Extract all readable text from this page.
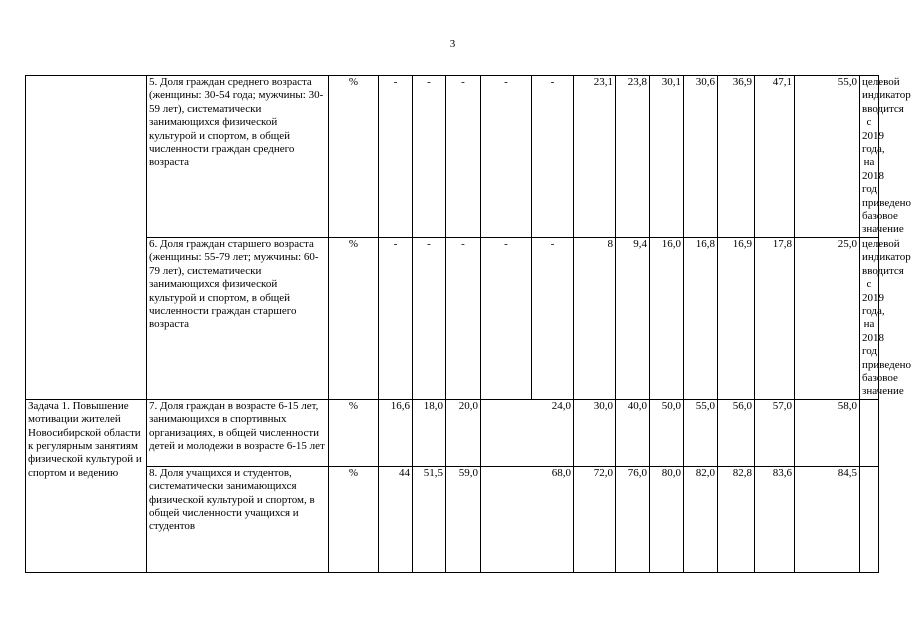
3
	5. Доля граждан среднего возраста (женщины: 30-54 года; мужчины: 30-59 лет), систематически занимающихся физической культурой и спортом, в общей численности граждан среднего возраста	%	-	-	-	-	-	23,1	23,8	30,1	30,6	36,9	47,1	55,0	целевой индикатор вводится с 2019 года, на 2018 год приведено базовое значение
	6. Доля граждан старшего возраста (женщины: 55-79 лет; мужчины: 60-79 лет), систематически занимающихся физической культурой и спортом, в общей численности граждан старшего возраста	%	-	-	-	-	-	8	9,4	16,0	16,8	16,9	17,8	25,0	целевой индикатор вводится с 2019 года, на 2018 год приведено базовое значение
Задача 1. Повышение мотивации жителей Новосибирской области к регулярным занятиям физической культурой и спортом и ведению	7. Доля граждан в возрасте 6-15 лет, занимающихся в спортивных организациях, в общей численности детей и молодежи в возрасте 6-15 лет	%	16,6	18,0	20,0	24,0		30,0	40,0	50,0	55,0	56,0	57,0	58,0	
	8. Доля учащихся и студентов, систематически занимающихся физической культурой и спортом, в общей численности учащихся и студентов	%	44	51,5	59,0	68,0		72,0	76,0	80,0	82,0	82,8	83,6	84,5	
